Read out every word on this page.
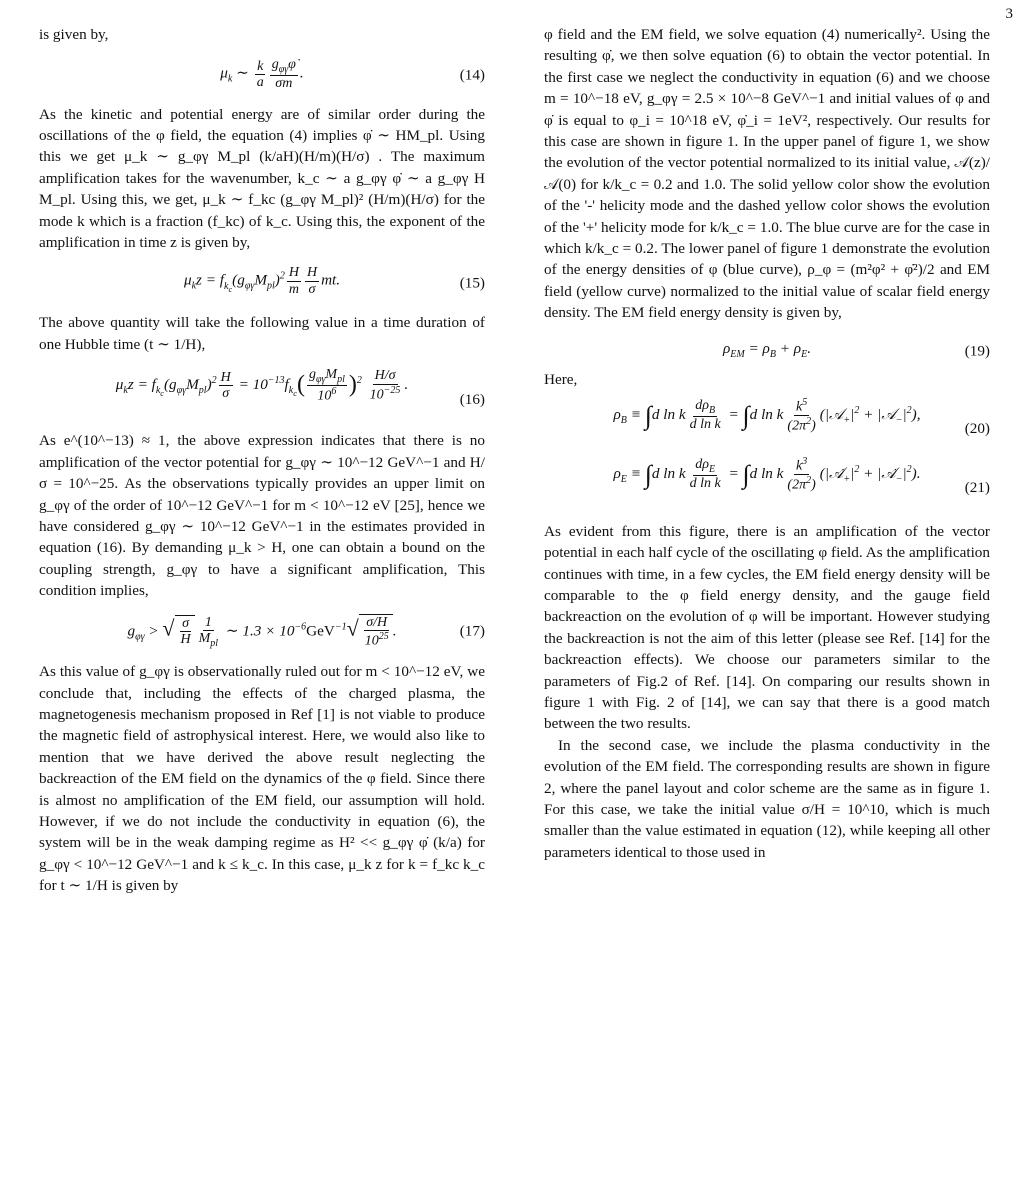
3

is given by,

$\mu_k$ ∼ $\frac{k}{a} \frac{g_{\varphi\gamma}\varphi̇}{\sigma m}$ .	(14)

As the kinetic and potential energy are of similar order during the oscillations of the φ field, the equation (4) implies φ̇ ∼ HM_pl. Using this we get μ_k ∼ g_φγ M_pl (k/aH)(H/m)(H/σ) . The maximum amplification takes for the wavenumber, k_c ∼ a g_φγ φ̇ ∼ a g_φγ H M_pl. Using this, we get, μ_k ∼ f_kc (g_φγ M_pl)² (H/m)(H/σ) for the mode k which is a fraction (f_kc) of k_c. Using this, the exponent of the amplification in time z is given by,

$\mu_kz = f_{k_c}(g_{\varphi\gamma}M_{pl})^2 \frac{H}{m} \frac{H}{\sigma}$ mt.	(15)

The above quantity will take the following value in a time duration of one Hubble time (t ∼ 1/H),

$\mu_kz = f_{k_c}(g_{\varphi\gamma}M_{pl})^2 \frac{H}{\sigma} = 10^{-13}f_{k_c}( \frac{g_{\varphi\gamma}M_{pl}}{10^6} )^2 \frac{H/\sigma}{10^{-25}}$ .
(16)

As e^(10^−13) ≈ 1, the above expression indicates that there is no amplification of the vector potential for g_φγ ∼ 10^−12 GeV^−1 and H/σ = 10^−25. As the observations typically provides an upper limit on g_φγ of the order of 10^−12 GeV^−1 for m < 10^−12 eV [25], hence we have considered g_φγ ∼ 10^−12 GeV^−1 in the estimates provided in equation (16). By demanding μ_k > H, one can obtain a bound on the coupling strength, g_φγ to have a significant amplification, This condition implies,

$g_{\varphi\gamma}$ > √ $\frac{\sigma}{H} \frac{1}{M_{pl}}$ ∼ $1.3 \times 10^{-6}GeV^{-1}√ \frac{\sigma/H}{10^{25}}$ .	(17)

As this value of g_φγ is observationally ruled out for m < 10^−12 eV, we conclude that, including the effects of the charged plasma, the magnetogenesis mechanism proposed in Ref [1] is not viable to produce the magnetic field of astrophysical interest. Here, we would also like to mention that we have derived the above result neglecting the backreaction of the EM field on the dynamics of the φ field. Since there is almost no amplification of the EM field, our assumption will hold. However, if we do not include the conductivity in equation (6), the system will be in the weak damping regime as H² << g_φγ φ̇ (k/a) for g_φγ < 10^−12 GeV^−1 and k ≤ k_c. In this case, μ_k z for k = f_kc k_c for t ∼ 1/H is given by

φ field and the EM field, we solve equation (4) numerically². Using the resulting φ̇, we then solve equation (6) to obtain the vector potential. In the first case we neglect the conductivity in equation (6) and we choose m = 10^−18 eV, g_φγ = 2.5 × 10^−8 GeV^−1 and initial values of φ and φ̇ is equal to φ_i = 10^18 eV, φ̇_i = 1eV², respectively. Our results for this case are shown in figure 1. In the upper panel of figure 1, we show the evolution of the vector potential normalized to its initial value, 𝒜(z)/𝒜(0) for k/k_c = 0.2 and 1.0. The solid yellow color show the evolution of the '-' helicity mode and the dashed yellow color shows the evolution of the '+' helicity mode for k/k_c = 1.0. The blue curve are for the case in which k/k_c = 0.2. The lower panel of figure 1 demonstrate the evolution of the energy densities of φ (blue curve), ρ_φ = (m²φ² + φ̇²)/2 and EM field (yellow curve) normalized to the initial value of scalar field energy density. The EM field energy density is given by,

$\rho_{EM} = \rho_B + \rho_E$.	(19)

Here,

$\rho_B \equiv \int d$ ln k $\frac{d\rho_B}{\text{d ln k}} = \int d$ ln k $\frac{k^5}{(2\pi^2)}$ ($|𝒜_+|^2$ + $|𝒜_-|^2$),
(20)
$\rho_E \equiv \int d$ ln k $\frac{d\rho_E}{\text{d ln k}} = \int d$ ln k $\frac{k^3}{(2\pi^2)}$ ($|𝒜̇_+|^2$ + $|𝒜̇_-|^2$).
(21)

As evident from this figure, there is an amplification of the vector potential in each half cycle of the oscillating φ field. As the amplification continues with time, in a few cycles, the EM field energy density will be comparable to the φ field energy density, and the gauge field backreaction on the evolution of φ will be important. However studying the backreaction is not the aim of this letter (please see Ref. [14] for the backreaction effects). We choose our parameters similar to the parameters of Fig.2 of Ref. [14]. On comparing our results shown in figure 1 with Fig. 2 of [14], we can say that there is a good match between the two results.

In the second case, we include the plasma conductivity in the evolution of the EM field. The corresponding results are shown in figure 2, where the panel layout and color scheme are the same as in figure 1. For this case, we take the initial value σ/H = 10^10, which is much smaller than the value estimated in equation (12), while keeping all other parameters identical to those used in
